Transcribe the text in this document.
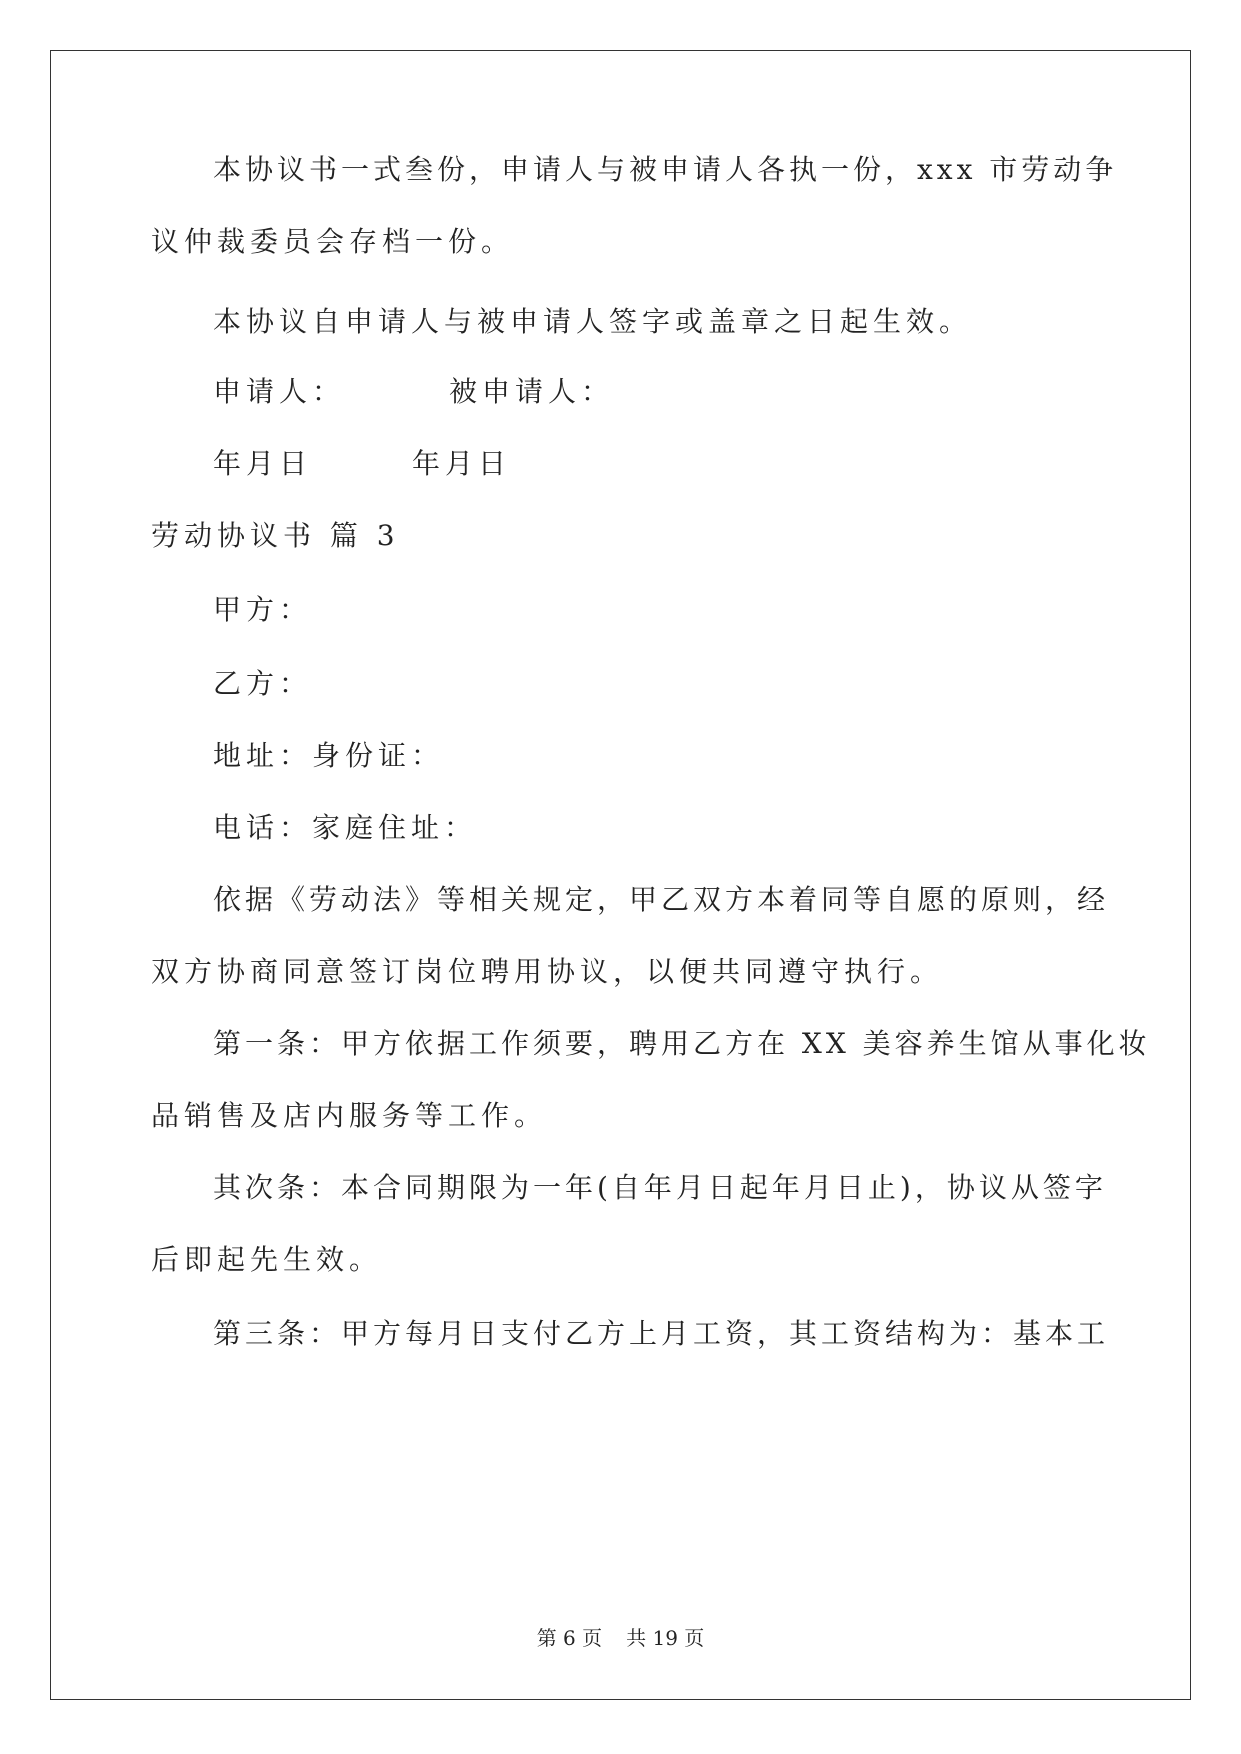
本协议书一式叁份，申请人与被申请人各执一份，xxx 市劳动争
议仲裁委员会存档一份。
本协议自申请人与被申请人签字或盖章之日起生效。
申请人：	被申请人：
年月日	年月日
劳动协议书 篇 3
甲方：
乙方：
地址：身份证：
电话：家庭住址：
依据《劳动法》等相关规定，甲乙双方本着同等自愿的原则，经
双方协商同意签订岗位聘用协议，以便共同遵守执行。
第一条：甲方依据工作须要，聘用乙方在 XX 美容养生馆从事化妆
品销售及店内服务等工作。
其次条：本合同期限为一年(自年月日起年月日止)，协议从签字
后即起先生效。
第三条：甲方每月日支付乙方上月工资，其工资结构为：基本工
第 6 页 共 19 页
